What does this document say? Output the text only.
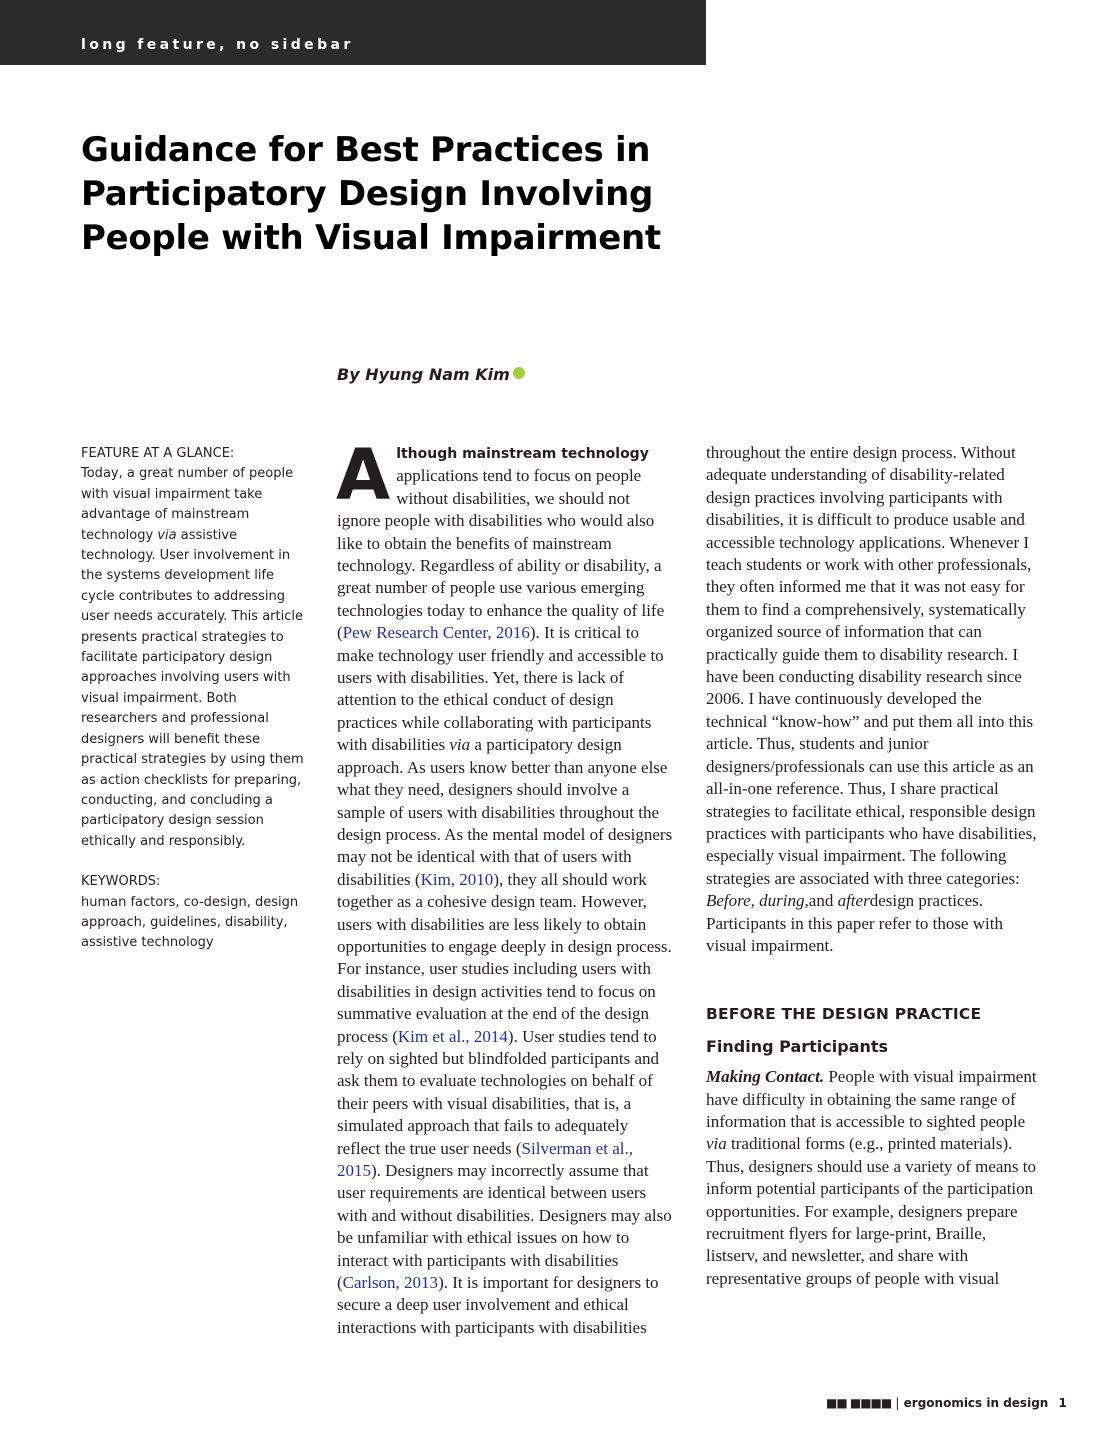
long feature, no sidebar
Guidance for Best Practices in Participatory Design Involving People with Visual Impairment
By Hyung Nam Kim

FEATURE AT A GLANCE:

Today, a great number of people with visual impairment take advantage of mainstream technology via assistive technology. User involvement in the systems development life cycle contributes to addressing user needs accurately. This article presents practical strategies to facilitate participatory design approaches involving users with visual impairment. Both researchers and professional designers will benefit these practical strategies by using them as action checklists for preparing, conducting, and concluding a participatory design session ethically and responsibly.

KEYWORDS:

human factors, co-design, design approach, guidelines, disability, assistive technology

Although mainstream technology applications tend to focus on people without disabilities, we should not ignore people with disabilities who would also like to obtain the benefits of mainstream technology. Regardless of ability or disability, a great number of people use various emerging technologies today to enhance the quality of life (Pew Research Center, 2016). It is critical to make technology user friendly and accessible to users with disabilities. Yet, there is lack of attention to the ethical conduct of design practices while collaborating with participants with disabilities via a participatory design approach. As users know better than anyone else what they need, designers should involve a sample of users with disabilities throughout the design process. As the mental model of designers may not be identical with that of users with disabilities (Kim, 2010), they all should work together as a cohesive design team. However, users with disabilities are less likely to obtain opportunities to engage deeply in design process. For instance, user studies including users with disabilities in design activities tend to focus on summative evaluation at the end of the design process (Kim et al., 2014). User studies tend to rely on sighted but blindfolded participants and ask them to evaluate technologies on behalf of their peers with visual disabilities, that is, a simulated approach that fails to adequately reflect the true user needs (Silverman et al., 2015). Designers may incorrectly assume that user requirements are identical between users with and without disabilities. Designers may also be unfamiliar with ethical issues on how to interact with participants with disabilities (Carlson, 2013). It is important for designers to secure a deep user involvement and ethical interactions with participants with disabilities

throughout the entire design process. Without adequate understanding of disability-related design practices involving participants with disabilities, it is difficult to produce usable and accessible technology applications. Whenever I teach students or work with other professionals, they often informed me that it was not easy for them to find a comprehensively, systematically organized source of information that can practically guide them to disability research. I have been conducting disability research since 2006. I have continuously developed the technical “know-how” and put them all into this article. Thus, students and junior designers/professionals can use this article as an all-in-one reference. Thus, I share practical strategies to facilitate ethical, responsible design practices with participants who have disabilities, especially visual impairment. The following strategies are associated with three categories: Before, during,and afterdesign practices. Participants in this paper refer to those with visual impairment.

BEFORE THE DESIGN PRACTICE

Finding Participants

Making Contact. People with visual impairment have difficulty in obtaining the same range of information that is accessible to sighted people via traditional forms (e.g., printed materials). Thus, designers should use a variety of means to inform potential participants of the participation opportunities. For example, designers prepare recruitment flyers for large-print, Braille, listserv, and newsletter, and share with representative groups of people with visual

■■ ■■■■ | ergonomics in design 1
